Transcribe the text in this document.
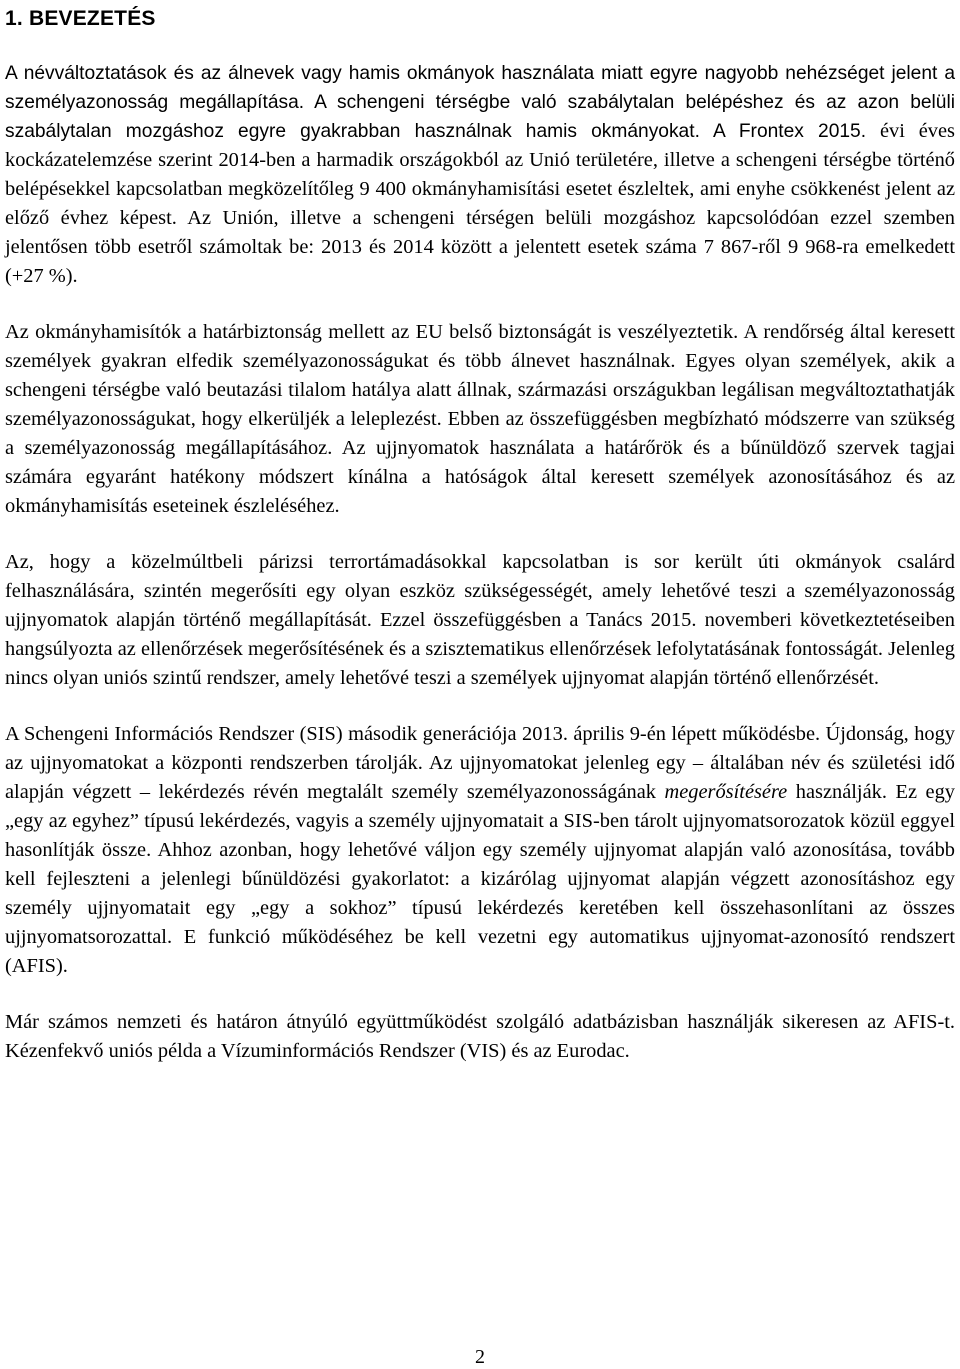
1. BEVEZETÉS

A névváltoztatások és az álnevek vagy hamis okmányok használata miatt egyre nagyobb nehézséget jelent a személyazonosság megállapítása. A schengeni térségbe való szabálytalan belépéshez és az azon belüli szabálytalan mozgáshoz egyre gyakrabban használnak hamis okmányokat. A Frontex 2015. évi éves kockázatelemzése szerint 2014-ben a harmadik országokból az Unió területére, illetve a schengeni térségbe történő belépésekkel kapcsolatban megközelítőleg 9 400 okmányhamisítási esetet észleltek, ami enyhe csökkenést jelent az előző évhez képest. Az Unión, illetve a schengeni térségen belüli mozgáshoz kapcsolódóan ezzel szemben jelentősen több esetről számoltak be: 2013 és 2014 között a jelentett esetek száma 7 867-ről 9 968-ra emelkedett (+27 %).

Az okmányhamisítók a határbiztonság mellett az EU belső biztonságát is veszélyeztetik. A rendőrség által keresett személyek gyakran elfedik személyazonosságukat és több álnevet használnak. Egyes olyan személyek, akik a schengeni térségbe való beutazási tilalom hatálya alatt állnak, származási országukban legálisan megváltoztathatják személyazonosságukat, hogy elkerüljék a leleplezést. Ebben az összefüggésben megbízható módszerre van szükség a személyazonosság megállapításához. Az ujjnyomatok használata a határőrök és a bűnüldöző szervek tagjai számára egyaránt hatékony módszert kínálna a hatóságok által keresett személyek azonosításához és az okmányhamisítás eseteinek észleléséhez.

Az, hogy a közelmúltbeli párizsi terrortámadásokkal kapcsolatban is sor került úti okmányok csalárd felhasználására, szintén megerősíti egy olyan eszköz szükségességét, amely lehetővé teszi a személyazonosság ujjnyomatok alapján történő megállapítását. Ezzel összefüggésben a Tanács 2015. novemberi következtetéseiben hangsúlyozta az ellenőrzések megerősítésének és a szisztematikus ellenőrzések lefolytatásának fontosságát. Jelenleg nincs olyan uniós szintű rendszer, amely lehetővé teszi a személyek ujjnyomat alapján történő ellenőrzését.

A Schengeni Információs Rendszer (SIS) második generációja 2013. április 9-én lépett működésbe. Újdonság, hogy az ujjnyomatokat a központi rendszerben tárolják. Az ujjnyomatokat jelenleg egy – általában név és születési idő alapján végzett – lekérdezés révén megtalált személy személyazonosságának megerősítésére használják. Ez egy „egy az egyhez” típusú lekérdezés, vagyis a személy ujjnyomatait a SIS-ben tárolt ujjnyomatsorozatok közül eggyel hasonlítják össze. Ahhoz azonban, hogy lehetővé váljon egy személy ujjnyomat alapján való azonosítása, tovább kell fejleszteni a jelenlegi bűnüldözési gyakorlatot: a kizárólag ujjnyomat alapján végzett azonosításhoz egy személy ujjnyomatait egy „egy a sokhoz” típusú lekérdezés keretében kell összehasonlítani az összes ujjnyomatsorozattal. E funkció működéséhez be kell vezetni egy automatikus ujjnyomat-azonosító rendszert (AFIS).

Már számos nemzeti és határon átnyúló együttműködést szolgáló adatbázisban használják sikeresen az AFIS-t. Kézenfekvő uniós példa a Vízuminformációs Rendszer (VIS) és az Eurodac.

2
